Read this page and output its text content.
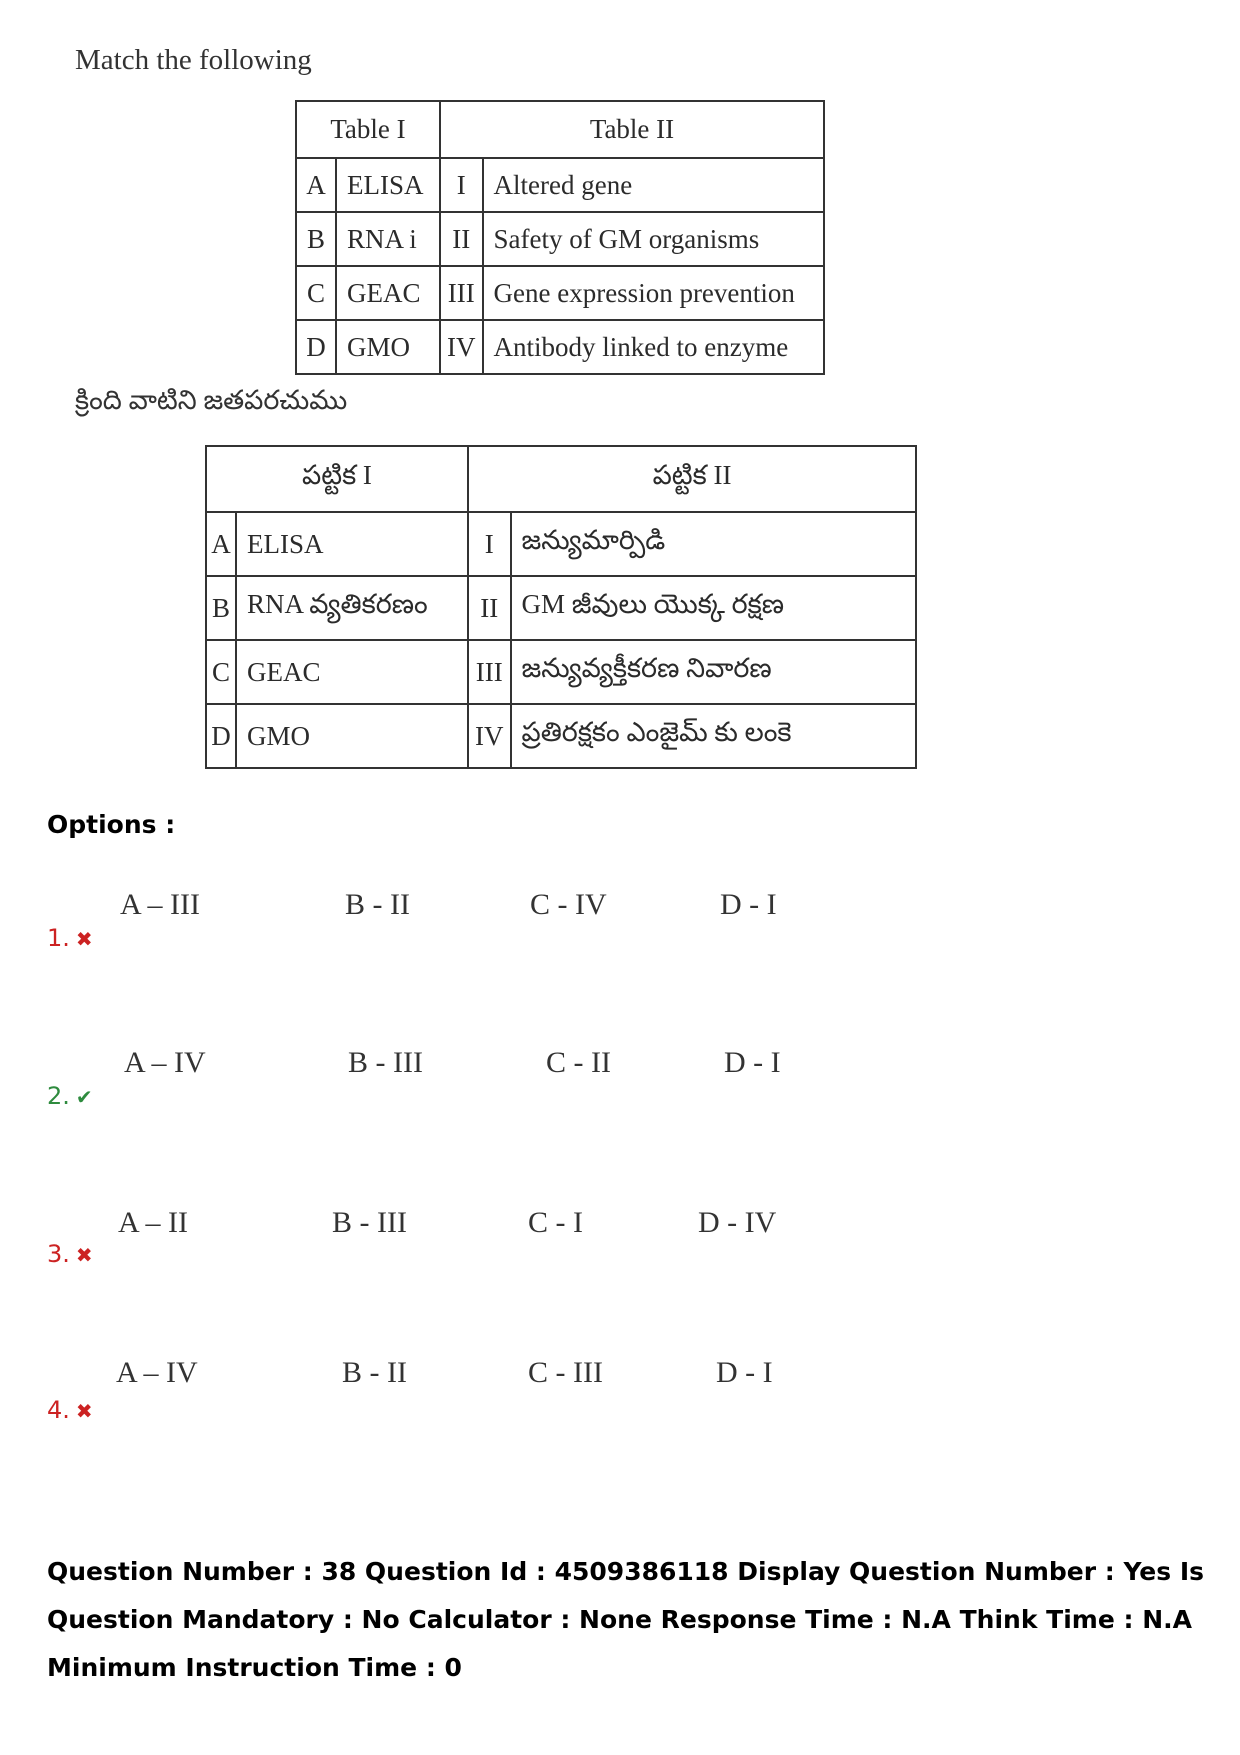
Match the following
Table I		Table II	
A	ELISA	I	Altered gene
B	RNA i	II	Safety of GM organisms
C	GEAC	III	Gene expression prevention
D	GMO	IV	Antibody linked to enzyme
క్రింది వాటిని జతపరచుము
పట్టిక I		పట్టిక II	
A	ELISA	I	జన్యుమార్పిడి
B	RNA వ్యతికరణం	II	GM జీవులు యొక్క రక్షణ
C	GEAC	III	జన్యువ్యక్తీకరణ నివారణ
D	GMO	IV	ప్రతిరక్షకం ఎంజైమ్ కు లంకె
Options :
A – III	B - II	C - IV	D - I
1. ✖
A – IV	B - III	C - II	D - I
2. ✔
A – II	B - III	C - I	D - IV
3. ✖
A – IV	B - II	C - III	D - I
4. ✖
Question Number : 38 Question Id : 4509386118 Display Question Number : Yes Is Question Mandatory : No Calculator : None Response Time : N.A Think Time : N.A Minimum Instruction Time : 0
